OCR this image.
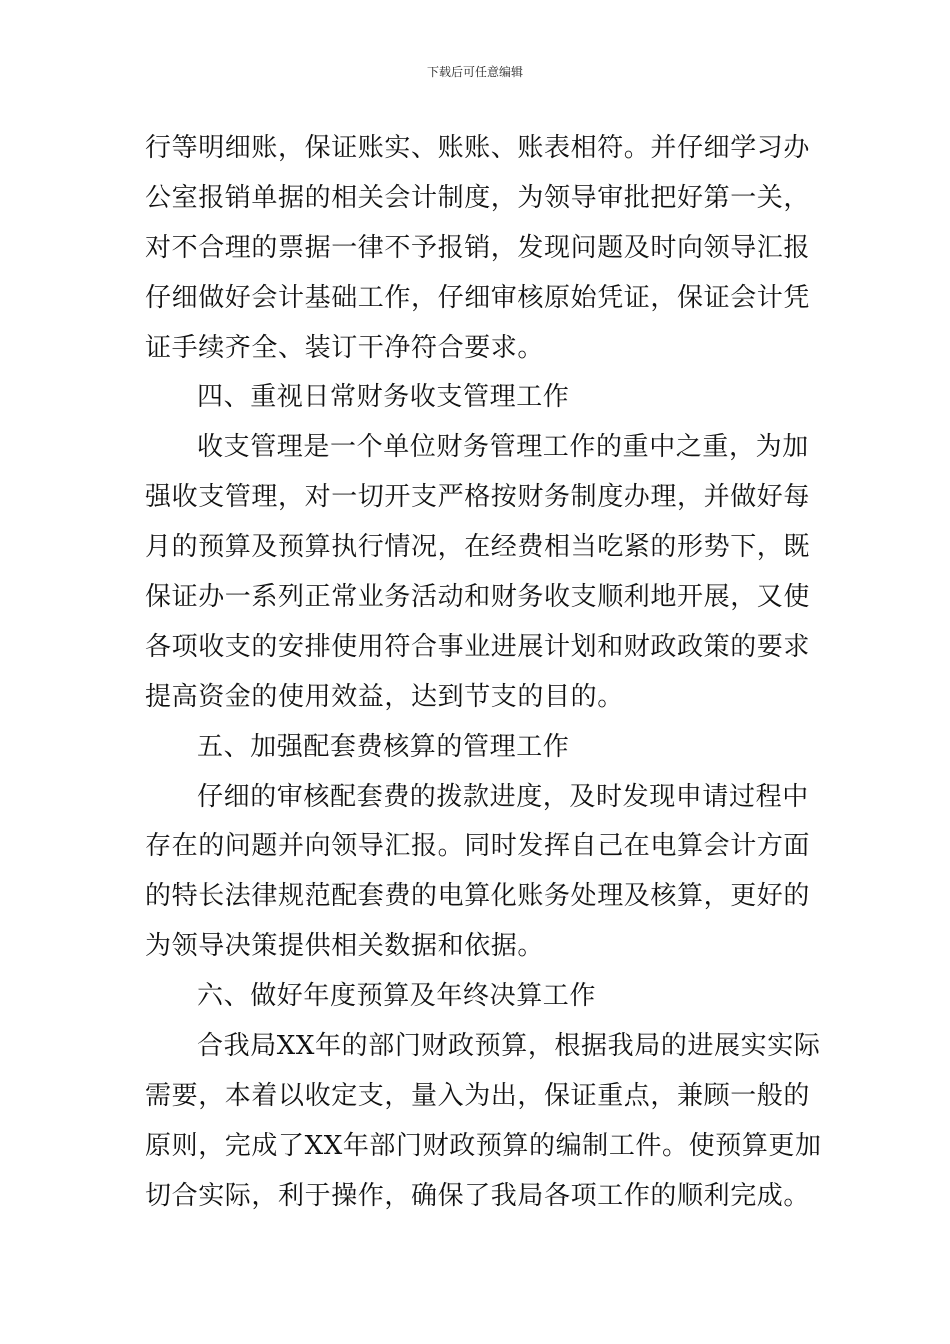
下载后可任意编辑
行等明细账，保证账实、账账、账表相符。并仔细学习办
公室报销单据的相关会计制度，为领导审批把好第一关，
对不合理的票据一律不予报销，发现问题及时向领导汇报
仔细做好会计基础工作，仔细审核原始凭证，保证会计凭
证手续齐全、装订干净符合要求。
四、重视日常财务收支管理工作
收支管理是一个单位财务管理工作的重中之重，为加
强收支管理，对一切开支严格按财务制度办理，并做好每
月的预算及预算执行情况，在经费相当吃紧的形势下，既
保证办一系列正常业务活动和财务收支顺利地开展，又使
各项收支的安排使用符合事业进展计划和财政政策的要求
提高资金的使用效益，达到节支的目的。
五、加强配套费核算的管理工作
仔细的审核配套费的拨款进度，及时发现申请过程中
存在的问题并向领导汇报。同时发挥自己在电算会计方面
的特长法律规范配套费的电算化账务处理及核算，更好的
为领导决策提供相关数据和依据。
六、做好年度预算及年终决算工作
合我局XX年的部门财政预算，根据我局的进展实实际
需要，本着以收定支，量入为出，保证重点，兼顾一般的
原则，完成了XX年部门财政预算的编制工件。使预算更加
切合实际，利于操作，确保了我局各项工作的顺利完成。
